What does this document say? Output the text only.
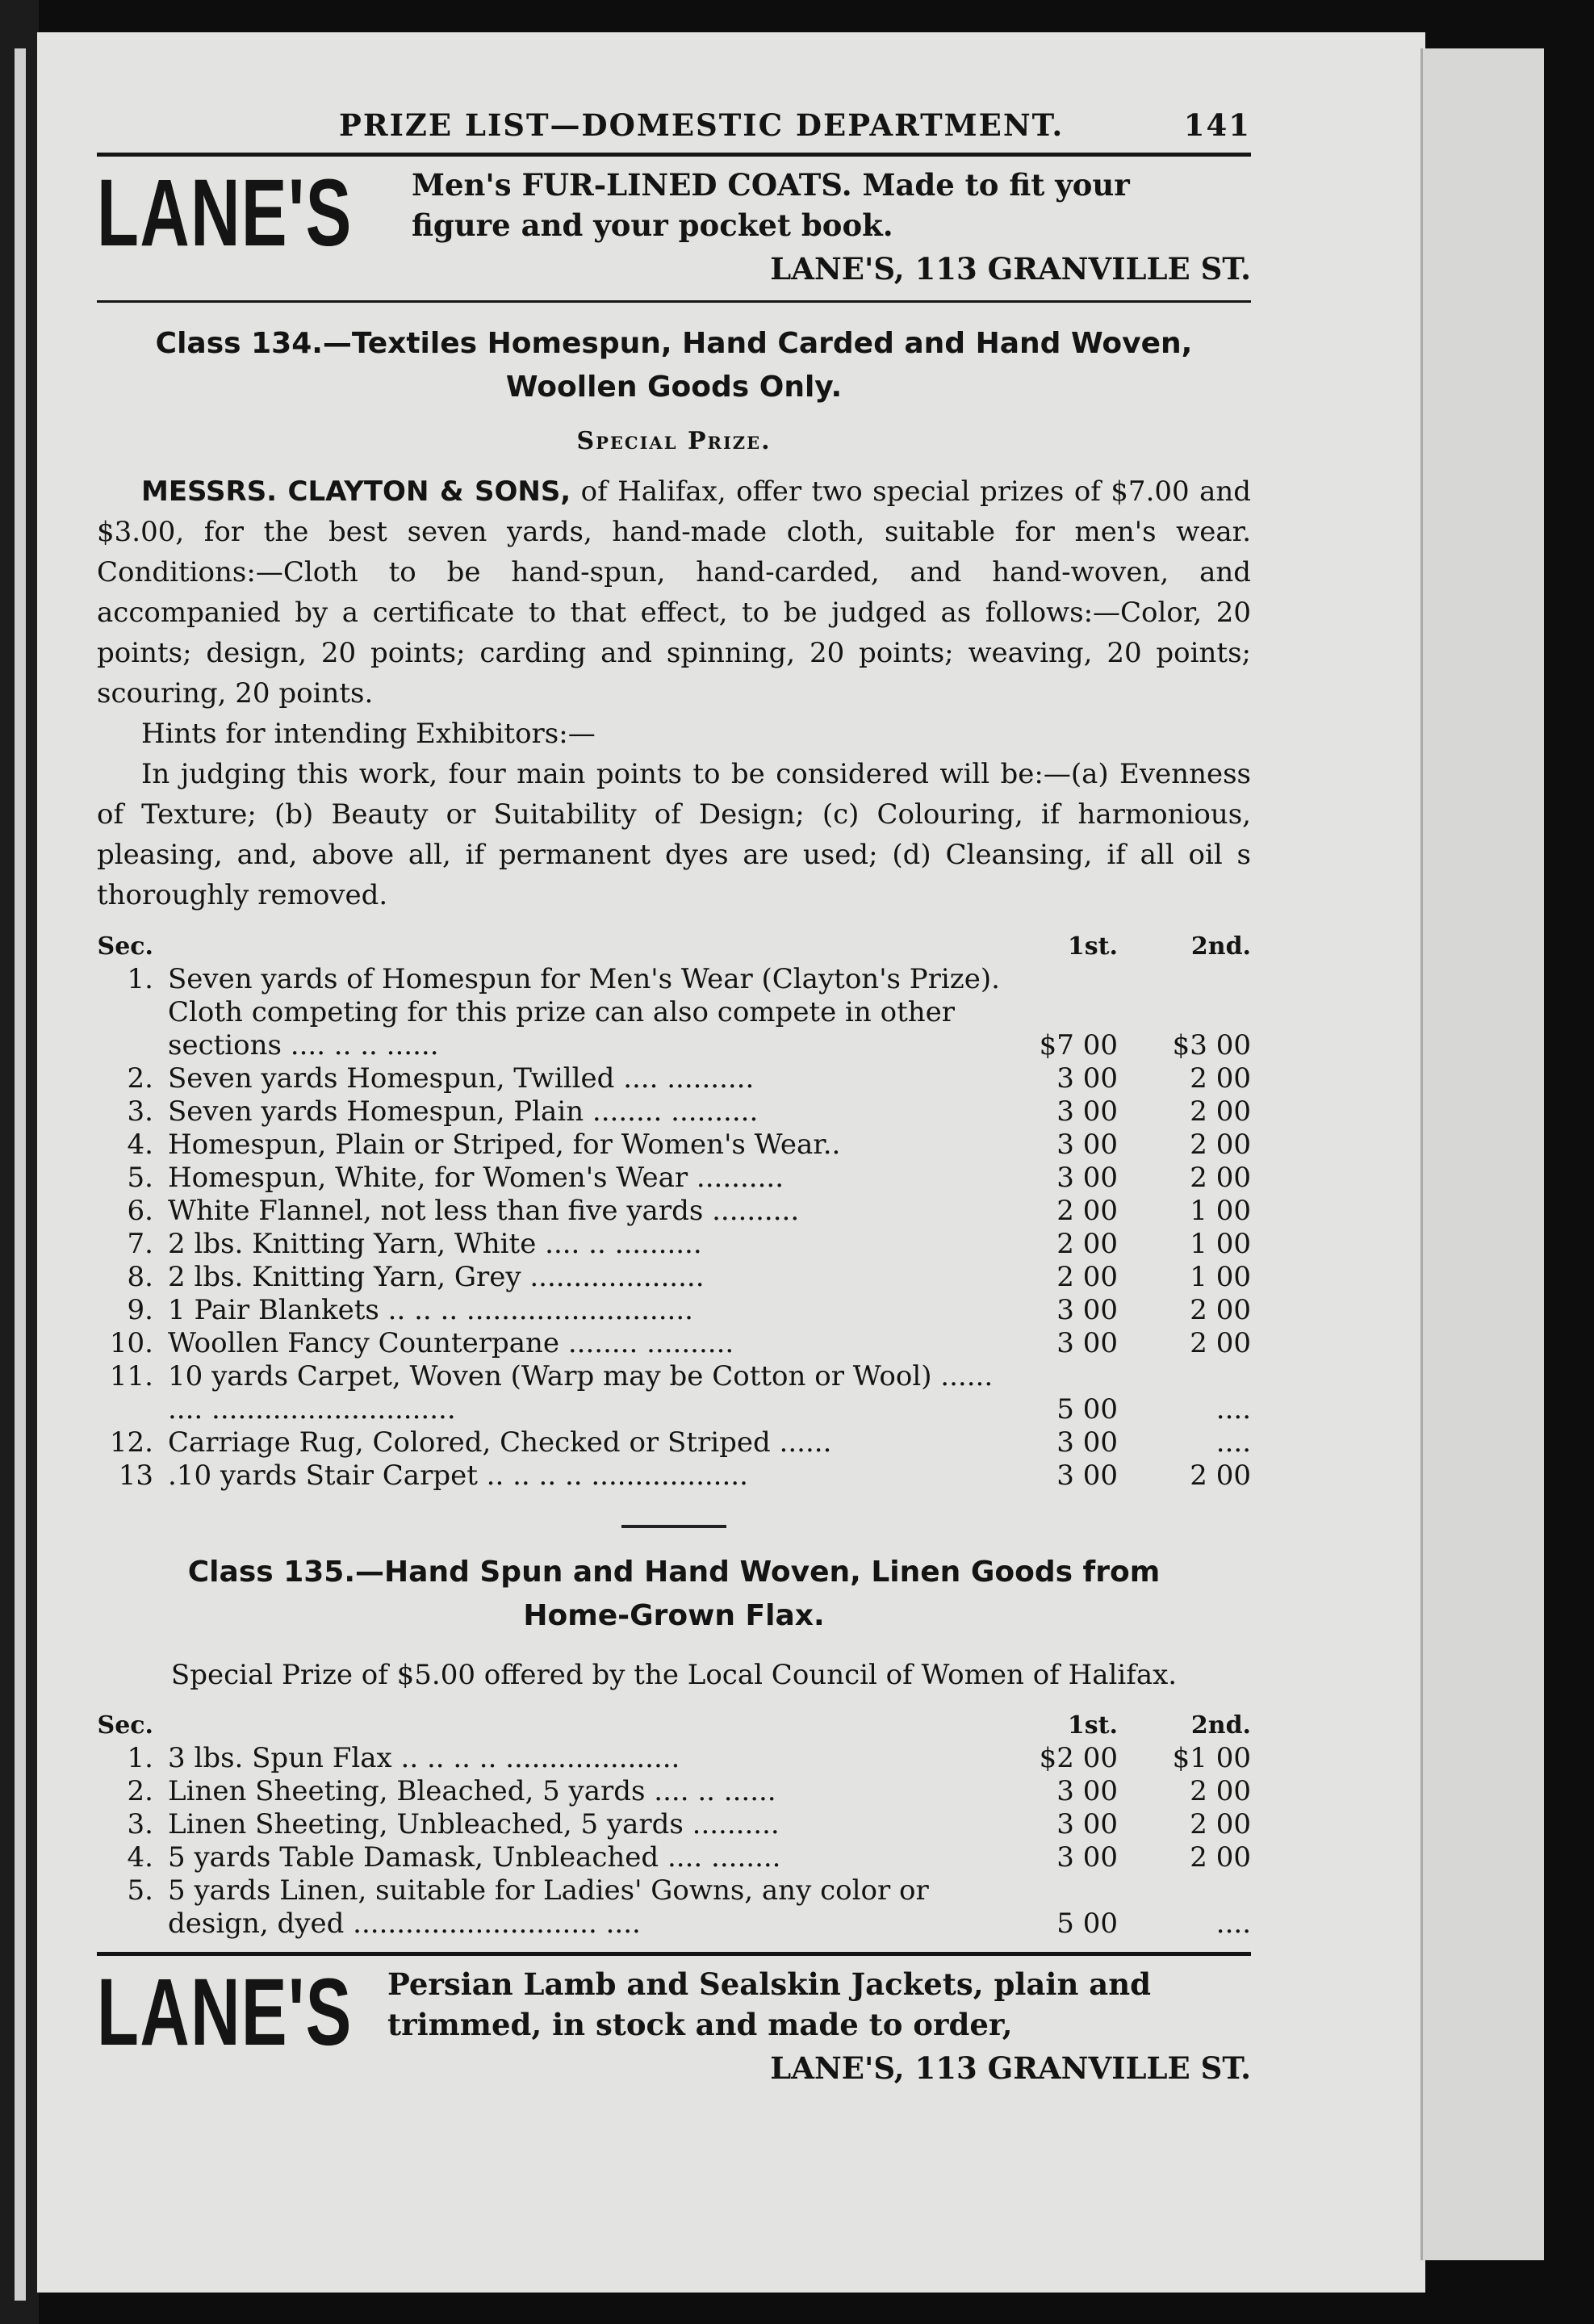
PRIZE LIST—DOMESTIC DEPARTMENT.	141
LANE'S Men's FUR-LINED COATS. Made to fit your
figure and your pocket book.
LANE'S, 113 GRANVILLE ST.
Class 134.—Textiles Homespun, Hand Carded and Hand Woven,
Woollen Goods Only.
Special Prize.

MESSRS. CLAYTON & SONS, of Halifax, offer two special prizes of $7.00 and $3.00, for the best seven yards, hand-made cloth, suitable for men's wear. Conditions:—Cloth to be hand-spun, hand-carded, and hand-woven, and accompanied by a certificate to that effect, to be judged as follows:—Color, 20 points; design, 20 points; carding and spinning, 20 points; weaving, 20 points; scouring, 20 points.

Hints for intending Exhibitors:—

In judging this work, four main points to be considered will be:—(a) Evenness of Texture; (b) Beauty or Suitability of Design; (c) Colouring, if harmonious, pleasing, and, above all, if permanent dyes are used; (d) Cleansing, if all oil s thoroughly removed.

Sec.		1st.	2nd.
1.	Seven yards of Homespun for Men's Wear (Clayton's Prize). Cloth competing for this prize can also compete in other sections .... .. .. ......	$7 00	$3 00
2.	Seven yards Homespun, Twilled .... ..........	3 00	2 00
3.	Seven yards Homespun, Plain ........ ..........	3 00	2 00
4.	Homespun, Plain or Striped, for Women's Wear..	3 00	2 00
5.	Homespun, White, for Women's Wear ..........	3 00	2 00
6.	White Flannel, not less than five yards ..........	2 00	1 00
7.	2 lbs. Knitting Yarn, White .... .. ..........	2 00	1 00
8.	2 lbs. Knitting Yarn, Grey ....................	2 00	1 00
9.	1 Pair Blankets .. .. .. ..........................	3 00	2 00
10.	Woollen Fancy Counterpane ........ ..........	3 00	2 00
11.	10 yards Carpet, Woven (Warp may be Cotton or Wool) ...... .... ............................	5 00	....
12.	Carriage Rug, Colored, Checked or Striped ......	3 00	....
13	.10 yards Stair Carpet .. .. .. .. ..................	3 00	2 00
Class 135.—Hand Spun and Hand Woven, Linen Goods from
Home-Grown Flax.
Special Prize of $5.00 offered by the Local Council of Women of Halifax.
Sec.		1st.	2nd.
1.	3 lbs. Spun Flax .. .. .. .. ....................	$2 00	$1 00
2.	Linen Sheeting, Bleached, 5 yards .... .. ......	3 00	2 00
3.	Linen Sheeting, Unbleached, 5 yards ..........	3 00	2 00
4.	5 yards Table Damask, Unbleached .... ........	3 00	2 00
5.	5 yards Linen, suitable for Ladies' Gowns, any color or design, dyed ............................ ....	5 00	....
LANE'S Persian Lamb and Sealskin Jackets, plain and
trimmed, in stock and made to order,
LANE'S, 113 GRANVILLE ST.
